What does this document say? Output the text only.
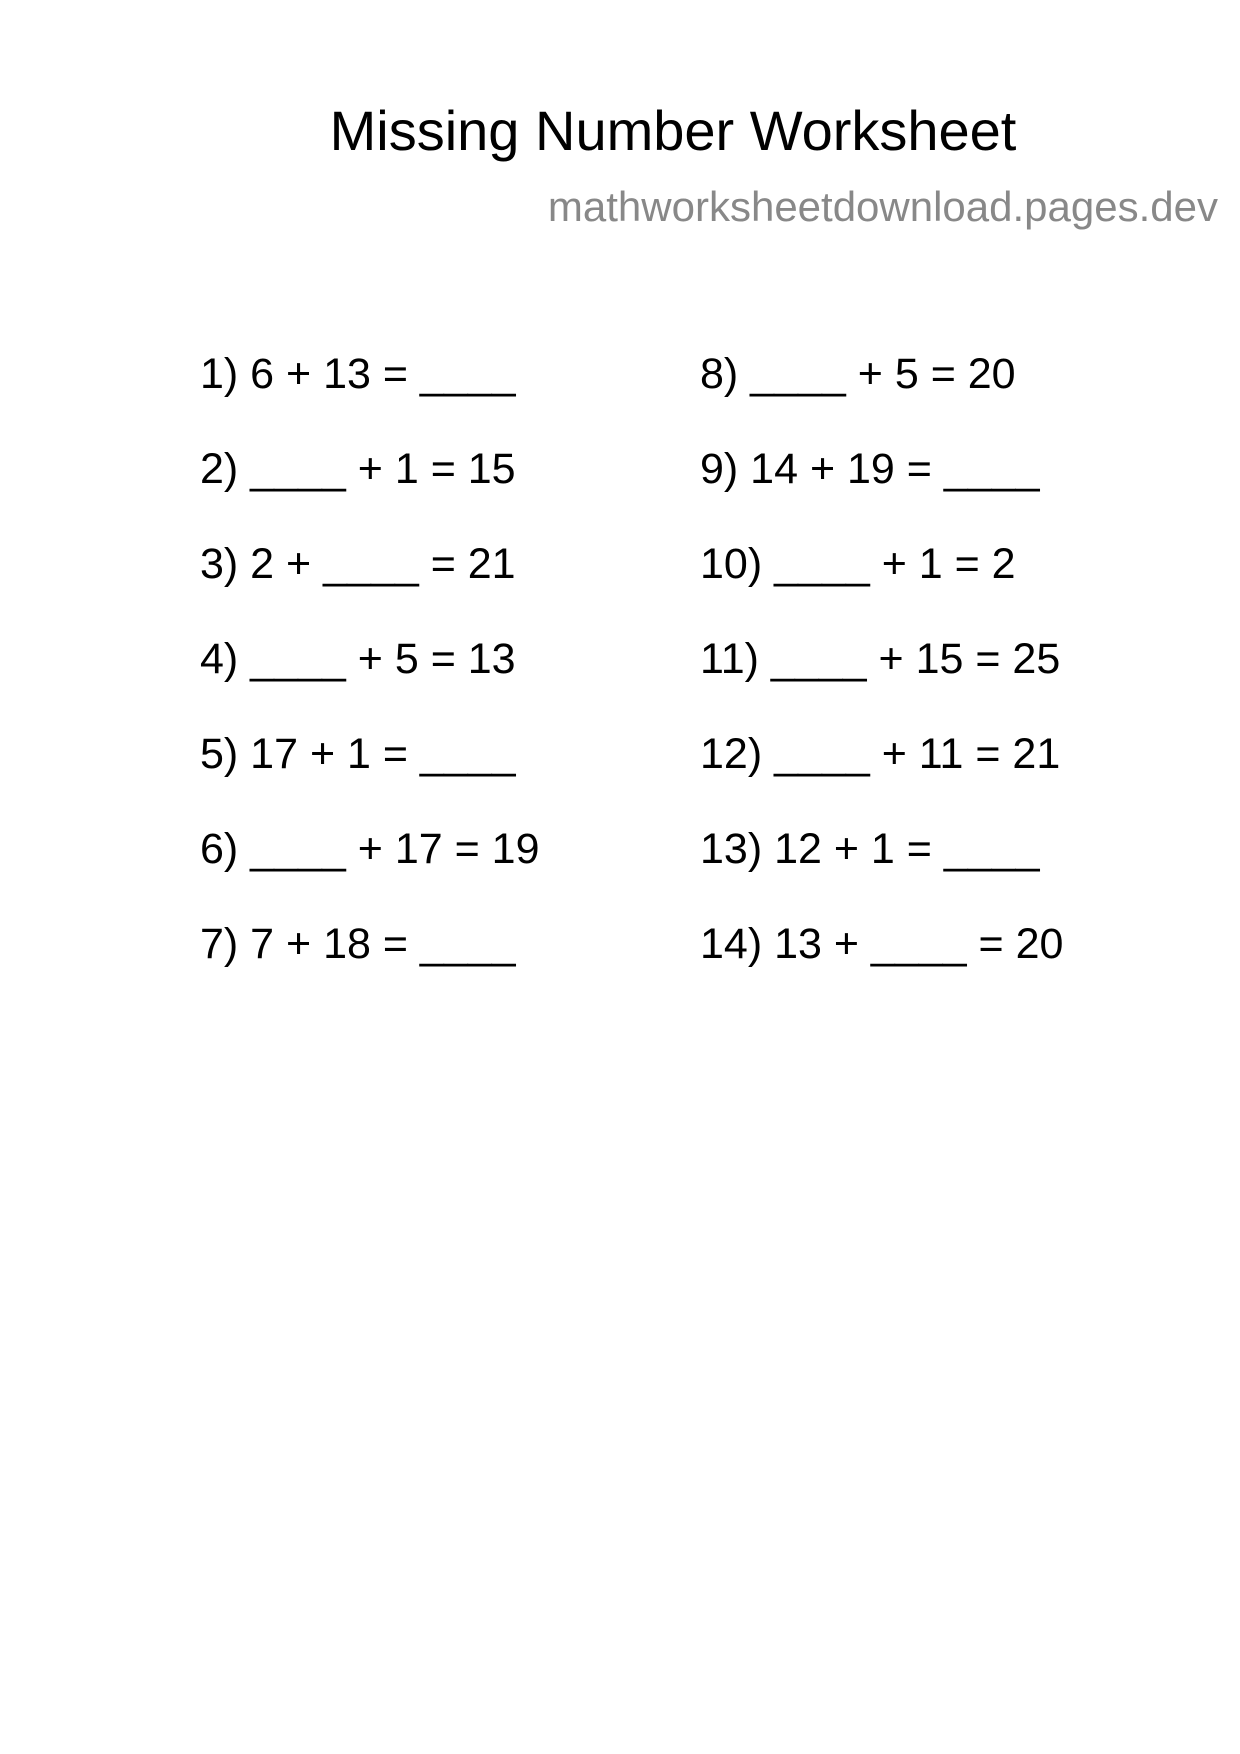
Missing Number Worksheet
mathworksheetdownload.pages.dev
1) 6 + 13 = ____
2) ____ + 1 = 15
3) 2 + ____ = 21
4) ____ + 5 = 13
5) 17 + 1 = ____
6) ____ + 17 = 19
7) 7 + 18 = ____
8) ____ + 5 = 20
9) 14 + 19 = ____
10) ____ + 1 = 2
11) ____ + 15 = 25
12) ____ + 11 = 21
13) 12 + 1 = ____
14) 13 + ____ = 20
